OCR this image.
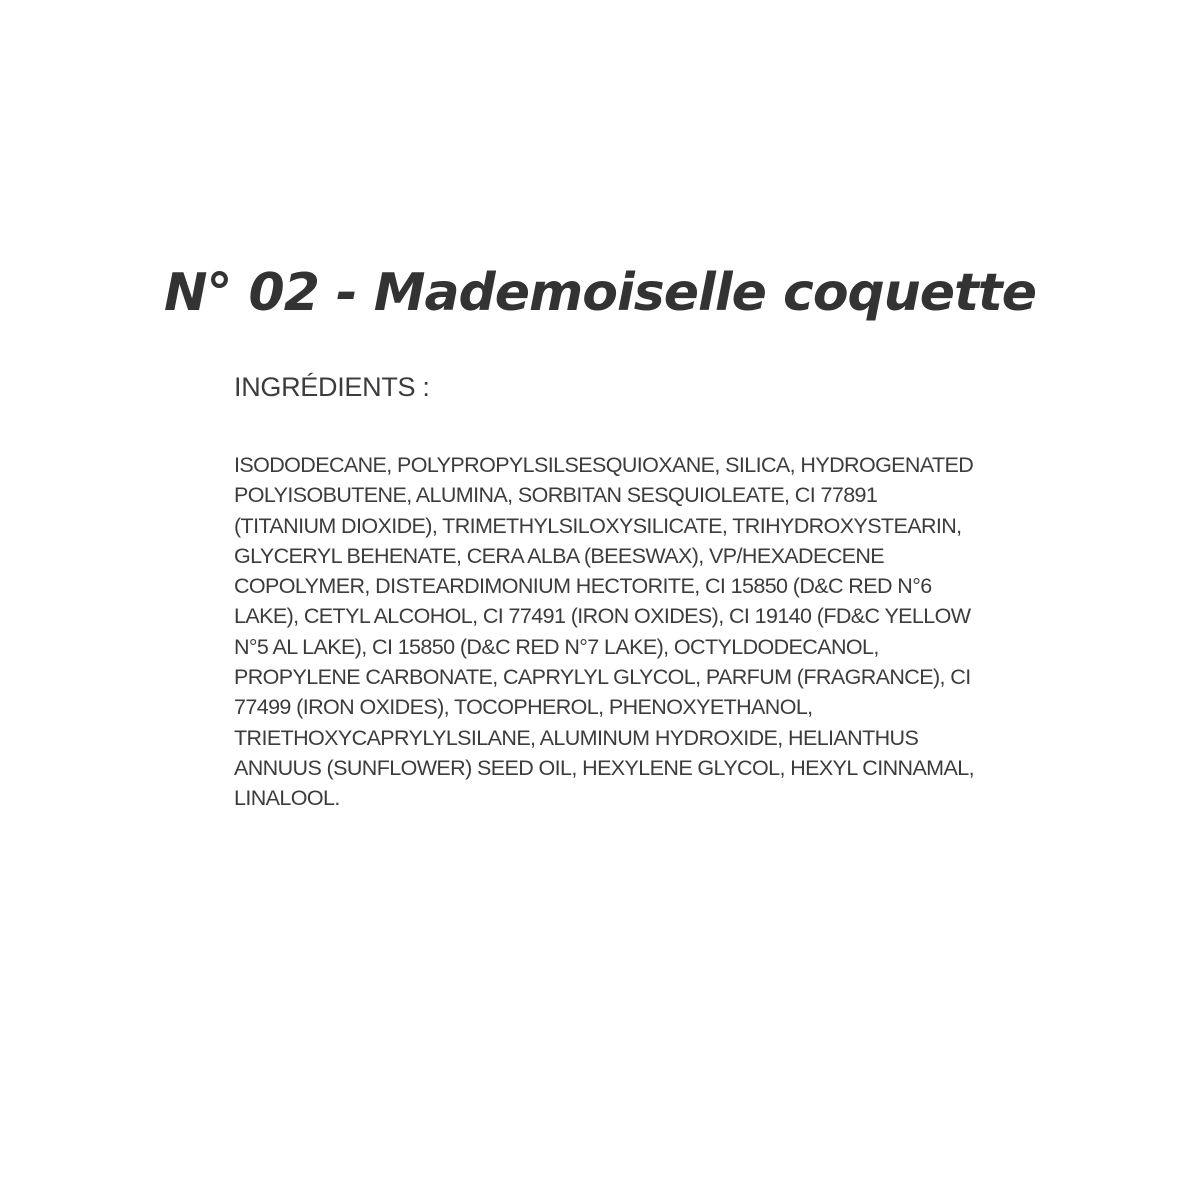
N° 02 - Mademoiselle coquette
INGRÉDIENTS :

ISODODECANE, POLYPROPYLSILSESQUIOXANE, SILICA, HYDROGENATED
POLYISOBUTENE, ALUMINA, SORBITAN SESQUIOLEATE, CI 77891
(TITANIUM DIOXIDE), TRIMETHYLSILOXYSILICATE, TRIHYDROXYSTEARIN,
GLYCERYL BEHENATE, CERA ALBA (BEESWAX), VP/HEXADECENE
COPOLYMER, DISTEARDIMONIUM HECTORITE, CI 15850 (D&C RED N°6
LAKE), CETYL ALCOHOL, CI 77491 (IRON OXIDES), CI 19140 (FD&C YELLOW
N°5 AL LAKE), CI 15850 (D&C RED N°7 LAKE), OCTYLDODECANOL,
PROPYLENE CARBONATE, CAPRYLYL GLYCOL, PARFUM (FRAGRANCE), CI
77499 (IRON OXIDES), TOCOPHEROL, PHENOXYETHANOL,
TRIETHOXYCAPRYLYLSILANE, ALUMINUM HYDROXIDE, HELIANTHUS
ANNUUS (SUNFLOWER) SEED OIL, HEXYLENE GLYCOL, HEXYL CINNAMAL,
LINALOOL.
